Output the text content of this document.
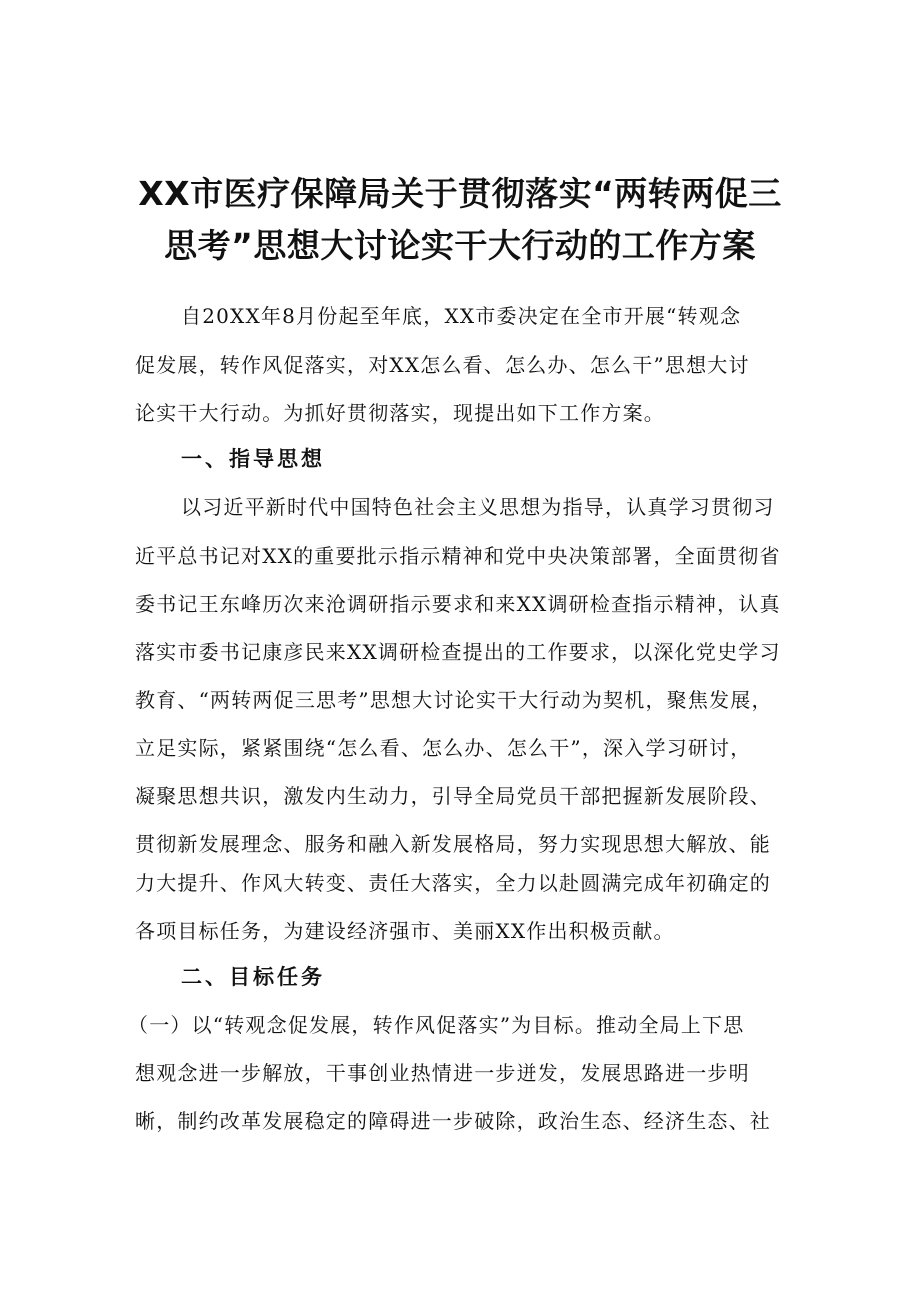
XX市医疗保障局关于贯彻落实“两转两促三
思考”思想大讨论实干大行动的工作方案
自20XX年8月份起至年底，XX市委决定在全市开展“转观念
促发展，转作风促落实，对XX怎么看、怎么办、怎么干”思想大讨
论实干大行动。为抓好贯彻落实，现提出如下工作方案。
一、指导思想
以习近平新时代中国特色社会主义思想为指导，认真学习贯彻习
近平总书记对XX的重要批示指示精神和党中央决策部署，全面贯彻省
委书记王东峰历次来沧调研指示要求和来XX调研检查指示精神，认真
落实市委书记康彦民来XX调研检查提出的工作要求，以深化党史学习
教育、“两转两促三思考”思想大讨论实干大行动为契机，聚焦发展，
立足实际，紧紧围绕“怎么看、怎么办、怎么干”，深入学习研讨，
凝聚思想共识，激发内生动力，引导全局党员干部把握新发展阶段、
贯彻新发展理念、服务和融入新发展格局，努力实现思想大解放、能
力大提升、作风大转变、责任大落实，全力以赴圆满完成年初确定的
各项目标任务，为建设经济强市、美丽XX作出积极贡献。
二、目标任务
（一）以“转观念促发展，转作风促落实”为目标。推动全局上下思
想观念进一步解放，干事创业热情进一步迸发，发展思路进一步明
晰，制约改革发展稳定的障碍进一步破除，政治生态、经济生态、社
